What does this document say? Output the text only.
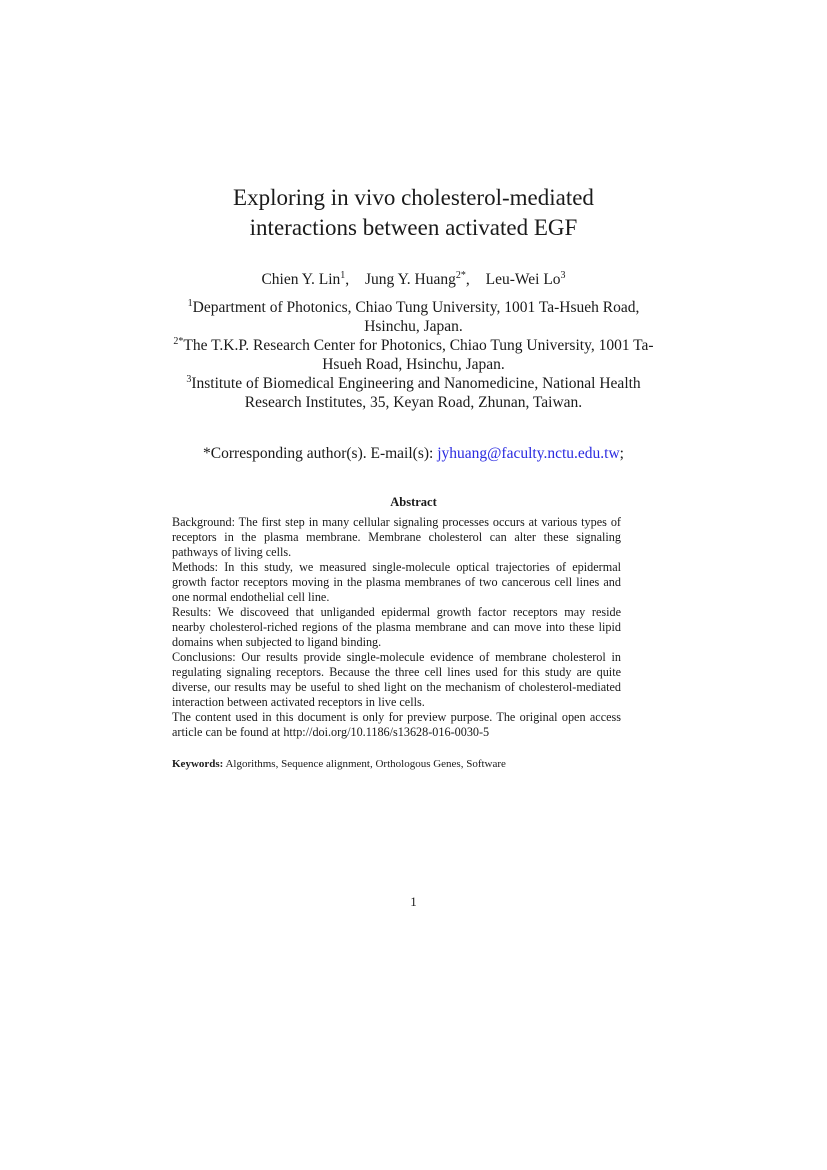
Exploring in vivo cholesterol-mediated
interactions between activated EGF
Chien Y. Lin$^1$, Jung Y. Huang$^{2*}$, Leu-Wei Lo$^3$

$^1$Department of Photonics, Chiao Tung University, 1001 Ta-Hsueh Road, Hsinchu, Japan.

$^{2*}$The T.K.P. Research Center for Photonics, Chiao Tung University, 1001 Ta-Hsueh Road, Hsinchu, Japan.

$^3$Institute of Biomedical Engineering and Nanomedicine, National Health Research Institutes, 35, Keyan Road, Zhunan, Taiwan.

*Corresponding author(s). E-mail(s): jyhuang@faculty.nctu.edu.tw;
Abstract

Background: The first step in many cellular signaling processes occurs at various types of receptors in the plasma membrane. Membrane cholesterol can alter these signaling pathways of living cells.

Methods: In this study, we measured single-molecule optical trajectories of epidermal growth factor receptors moving in the plasma membranes of two cancerous cell lines and one normal endothelial cell line.

Results: We discoveed that unliganded epidermal growth factor receptors may reside nearby cholesterol-riched regions of the plasma membrane and can move into these lipid domains when subjected to ligand binding.

Conclusions: Our results provide single-molecule evidence of membrane cholesterol in regulating signaling receptors. Because the three cell lines used for this study are quite diverse, our results may be useful to shed light on the mechanism of cholesterol-mediated interaction between activated receptors in live cells.

The content used in this document is only for preview purpose. The original open access article can be found at http://doi.org/10.1186/s13628-016-0030-5

Keywords: Algorithms, Sequence alignment, Orthologous Genes, Software
1
